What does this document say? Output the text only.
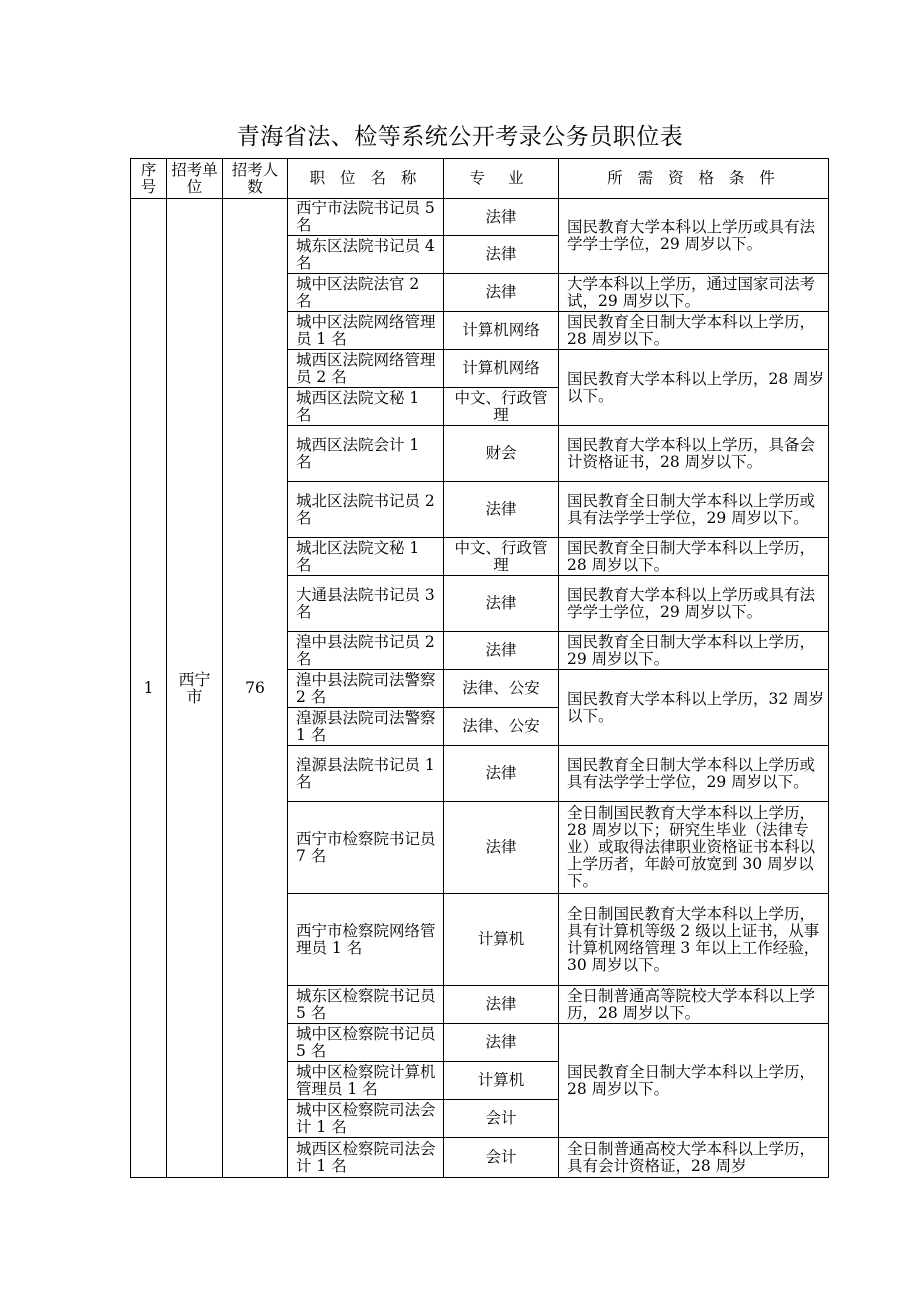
青海省法、检等系统公开考录公务员职位表
序号	招考单位	招考人数	职 位 名 称	专 业	所 需 资 格 条 件
1	西宁市	76	西宁市法院书记员 5 名	法律	国民教育大学本科以上学历或具有法学学士学位，29 周岁以下。
			城东区法院书记员 4 名	法律	
			城中区法院法官 2 名	法律	大学本科以上学历，通过国家司法考试，29 周岁以下。
			城中区法院网络管理员 1 名	计算机网络	国民教育全日制大学本科以上学历，28 周岁以下。
			城西区法院网络管理员 2 名	计算机网络	国民教育大学本科以上学历，28 周岁以下。
			城西区法院文秘 1 名	中文、行政管理	
			城西区法院会计 1 名	财会	国民教育大学本科以上学历，具备会计资格证书，28 周岁以下。
			城北区法院书记员 2 名	法律	国民教育全日制大学本科以上学历或具有法学学士学位，29 周岁以下。
			城北区法院文秘 1 名	中文、行政管理	国民教育全日制大学本科以上学历，28 周岁以下。
			大通县法院书记员 3 名	法律	国民教育大学本科以上学历或具有法学学士学位，29 周岁以下。
			湟中县法院书记员 2 名	法律	国民教育全日制大学本科以上学历，29 周岁以下。
			湟中县法院司法警察 2 名	法律、公安	国民教育大学本科以上学历，32 周岁以下。
			湟源县法院司法警察 1 名	法律、公安	
			湟源县法院书记员 1 名	法律	国民教育全日制大学本科以上学历或具有法学学士学位，29 周岁以下。
			西宁市检察院书记员 7 名	法律	全日制国民教育大学本科以上学历，28 周岁以下；研究生毕业（法律专业）或取得法律职业资格证书本科以上学历者，年龄可放宽到 30 周岁以下。
			西宁市检察院网络管理员 1 名	计算机	全日制国民教育大学本科以上学历，具有计算机等级 2 级以上证书，从事计算机网络管理 3 年以上工作经验，30 周岁以下。
			城东区检察院书记员 5 名	法律	全日制普通高等院校大学本科以上学历，28 周岁以下。
			城中区检察院书记员 5 名	法律	国民教育全日制大学本科以上学历，28 周岁以下。
			城中区检察院计算机管理员 1 名	计算机	
			城中区检察院司法会计 1 名	会计	
			城西区检察院司法会计 1 名	会计	全日制普通高校大学本科以上学历，具有会计资格证，28 周岁
